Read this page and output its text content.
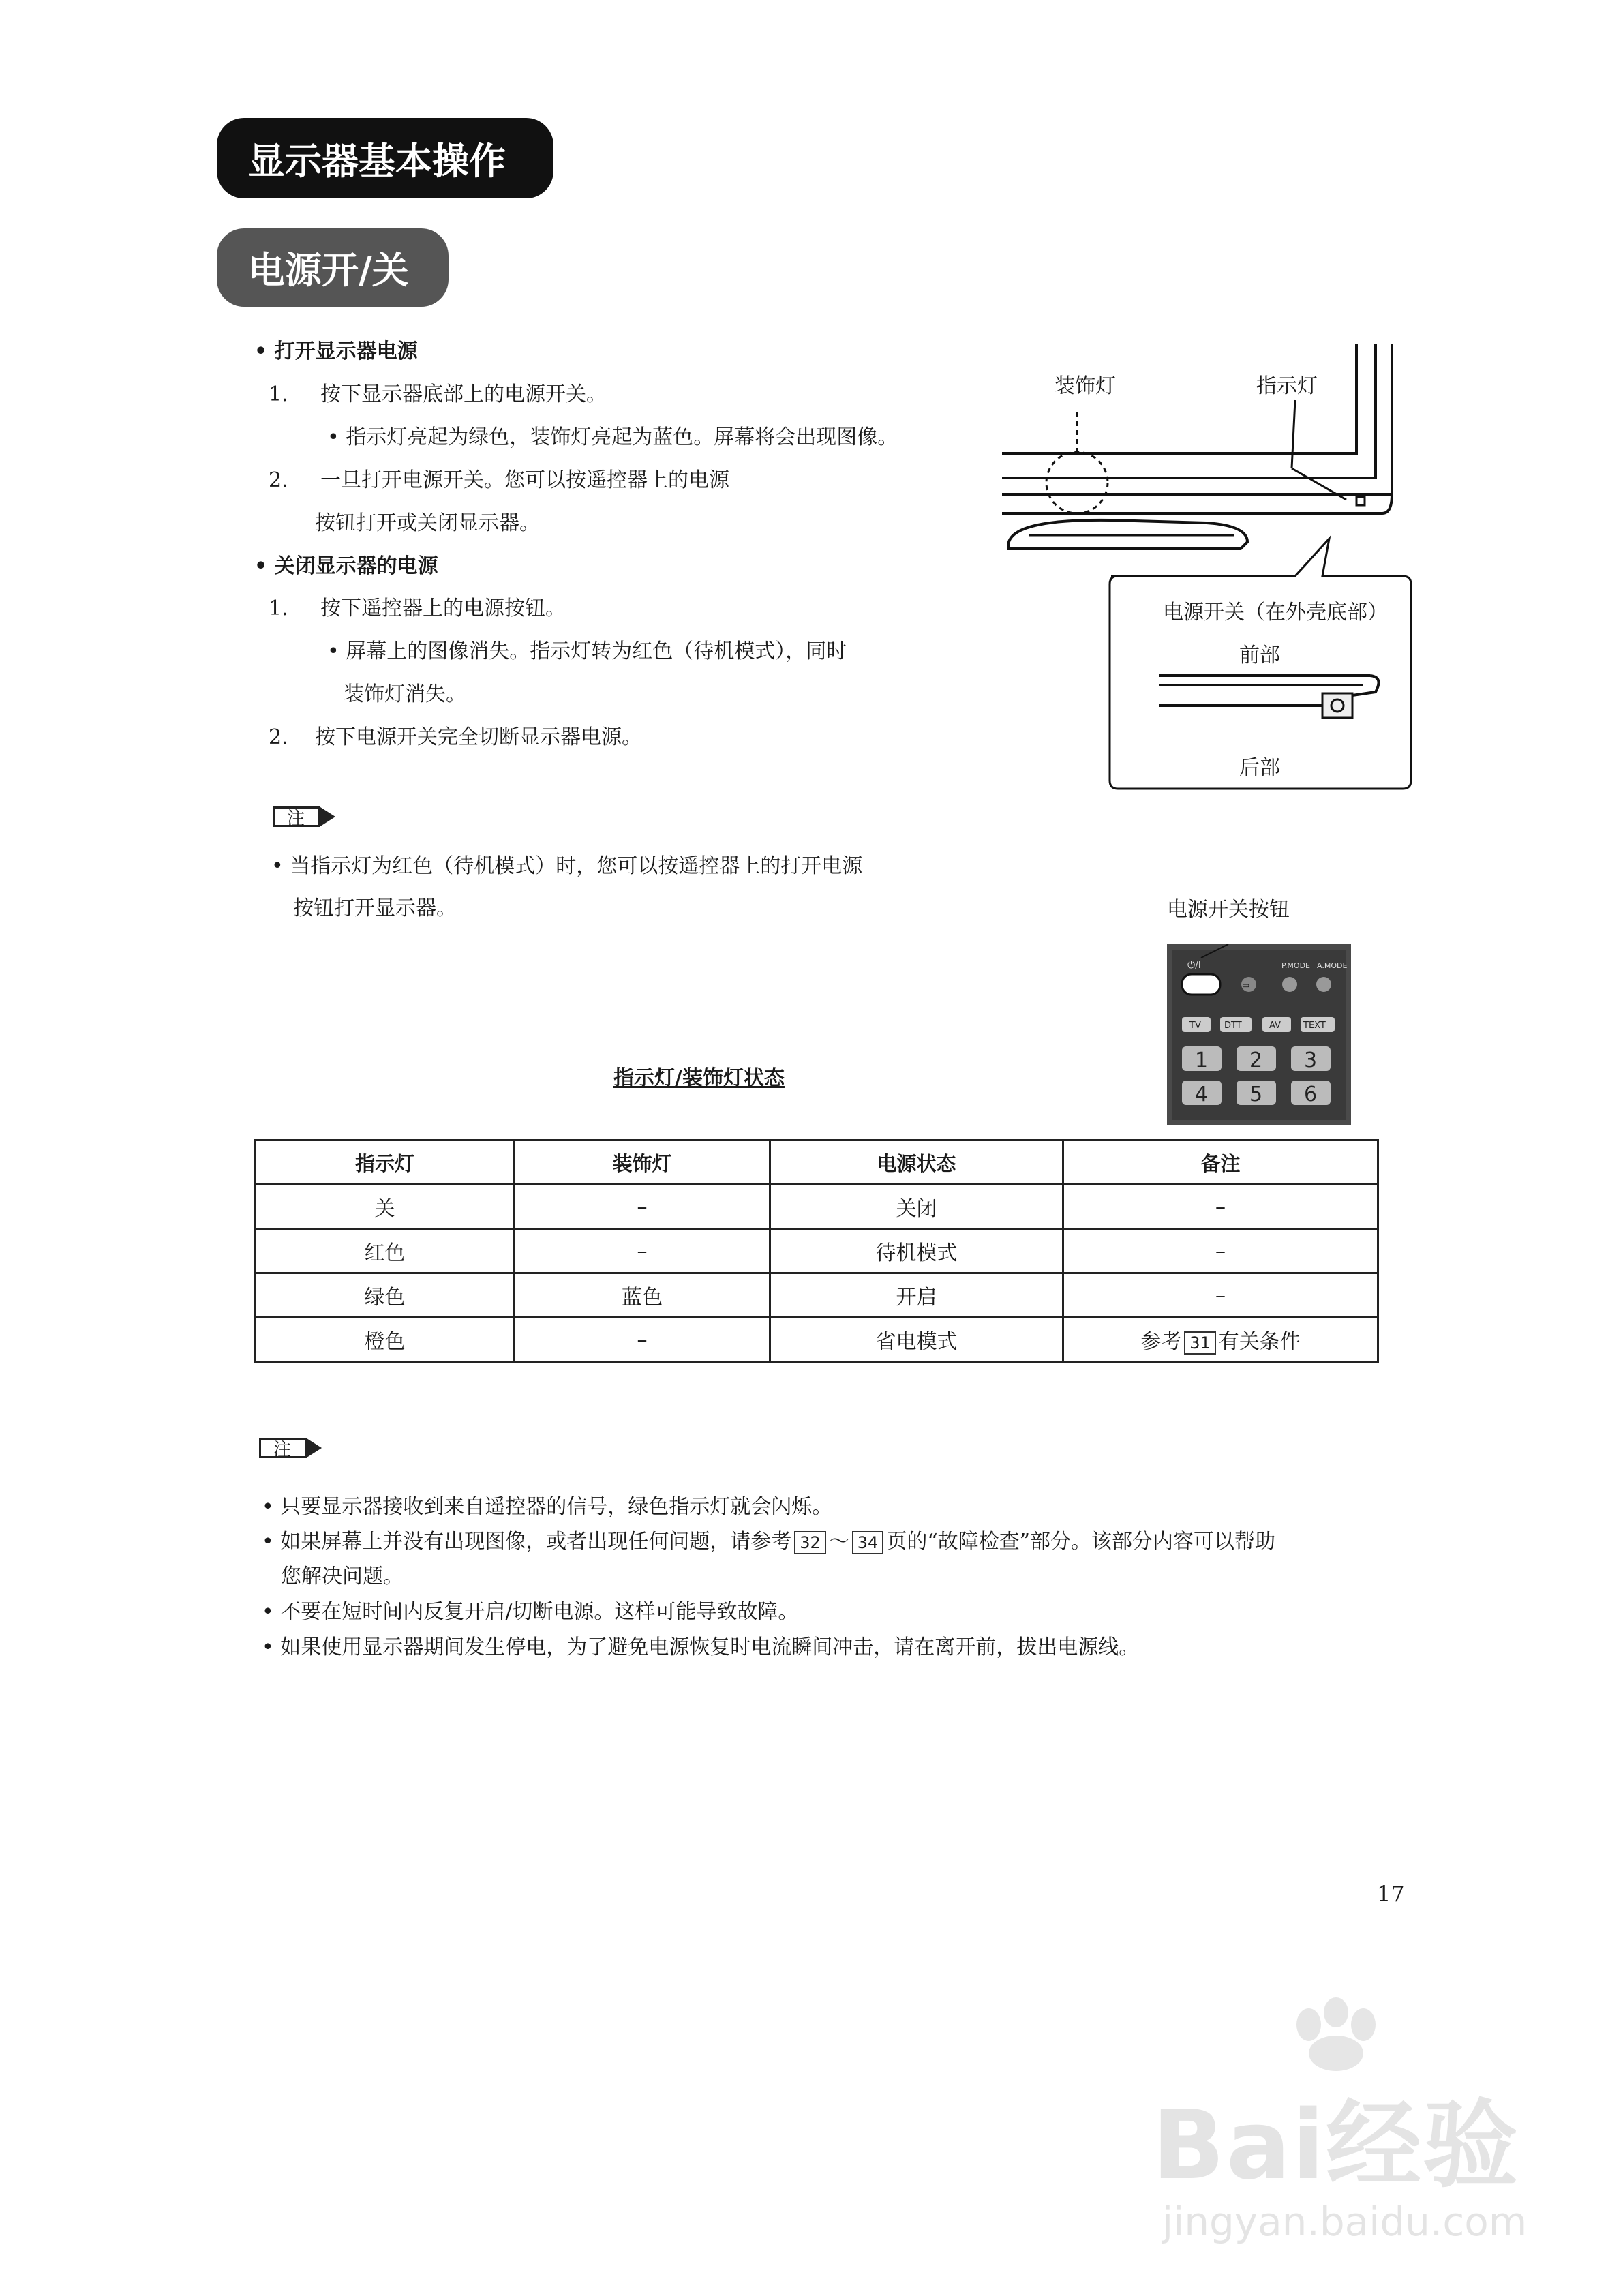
显示器基本操作
电源开/关
• 打开显示器电源
1. 按下显示器底部上的电源开关。
• 指示灯亮起为绿色，装饰灯亮起为蓝色。屏幕将会出现图像。
2. 一旦打开电源开关。您可以按遥控器上的电源
按钮打开或关闭显示器。
• 关闭显示器的电源
1. 按下遥控器上的电源按钮。
• 屏幕上的图像消失。指示灯转为红色（待机模式），同时
装饰灯消失。
2. 按下电源开关完全切断显示器电源。
注
• 当指示灯为红色（待机模式）时，您可以按遥控器上的打开电源
按钮打开显示器。
装饰灯	指示灯
电源开关（在外壳底部）
前部
后部
电源开关按钮
⏻/I
▭
P.MODE A.MODE
TV	DTT	AV	TEXT
1 2 3
4 5 6
指示灯/装饰灯状态
指示灯	装饰灯	电源状态	备注
关	–	关闭	–
红色	–	待机模式	–
绿色	蓝色	开启	–
橙色	–	省电模式	参考 31 有关条件
注
• 只要显示器接收到来自遥控器的信号，绿色指示灯就会闪烁。
• 如果屏幕上并没有出现图像，或者出现任何问题，请参考 32 ～ 34 页的“故障检查”部分。该部分内容可以帮助
您解决问题。
• 不要在短时间内反复开启/切断电源。这样可能导致故障。
• 如果使用显示器期间发生停电，为了避免电源恢复时电流瞬间冲击，请在离开前，拔出电源线。
17
Bai经验
jingyan.baidu.com
